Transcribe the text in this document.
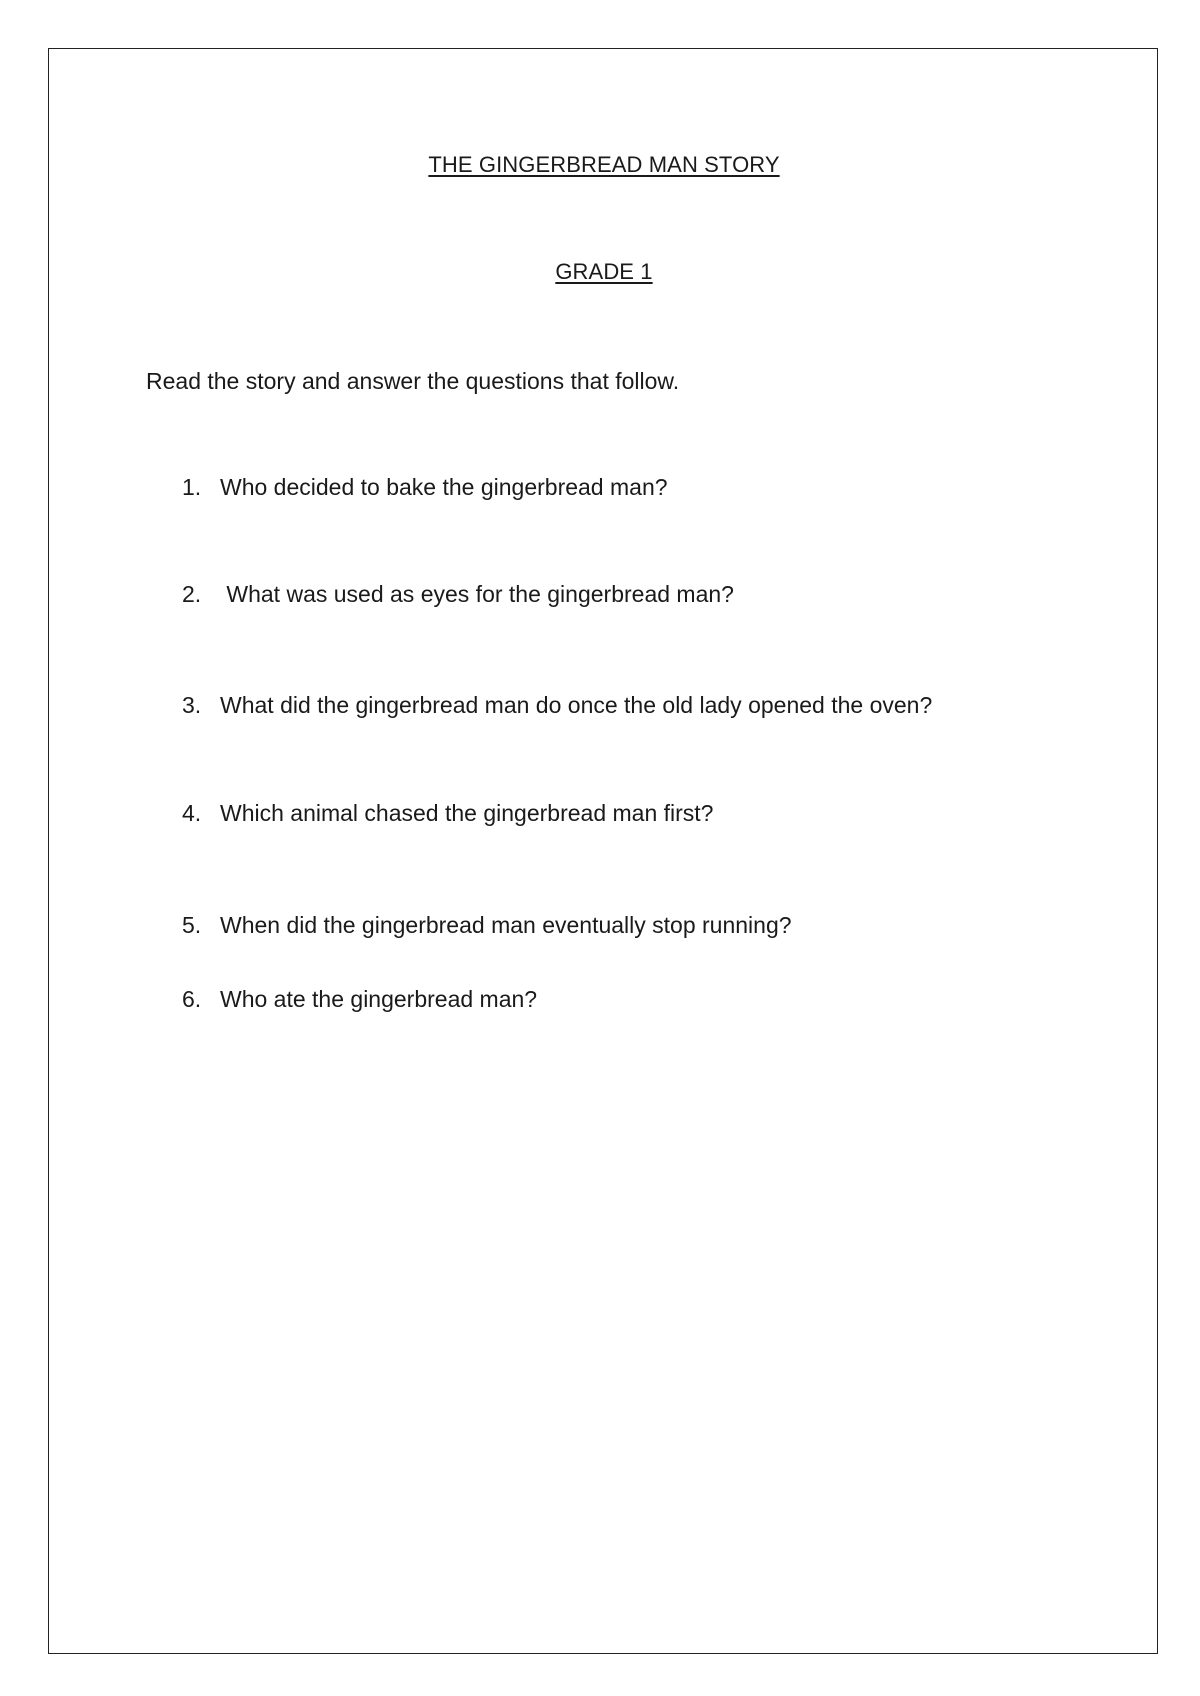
THE GINGERBREAD MAN STORY
GRADE 1
Read the story and answer the questions that follow.
1. Who decided to bake the gingerbread man?
2. What was used as eyes for the gingerbread man?
3. What did the gingerbread man do once the old lady opened the oven?
4. Which animal chased the gingerbread man first?
5. When did the gingerbread man eventually stop running?
6. Who ate the gingerbread man?
